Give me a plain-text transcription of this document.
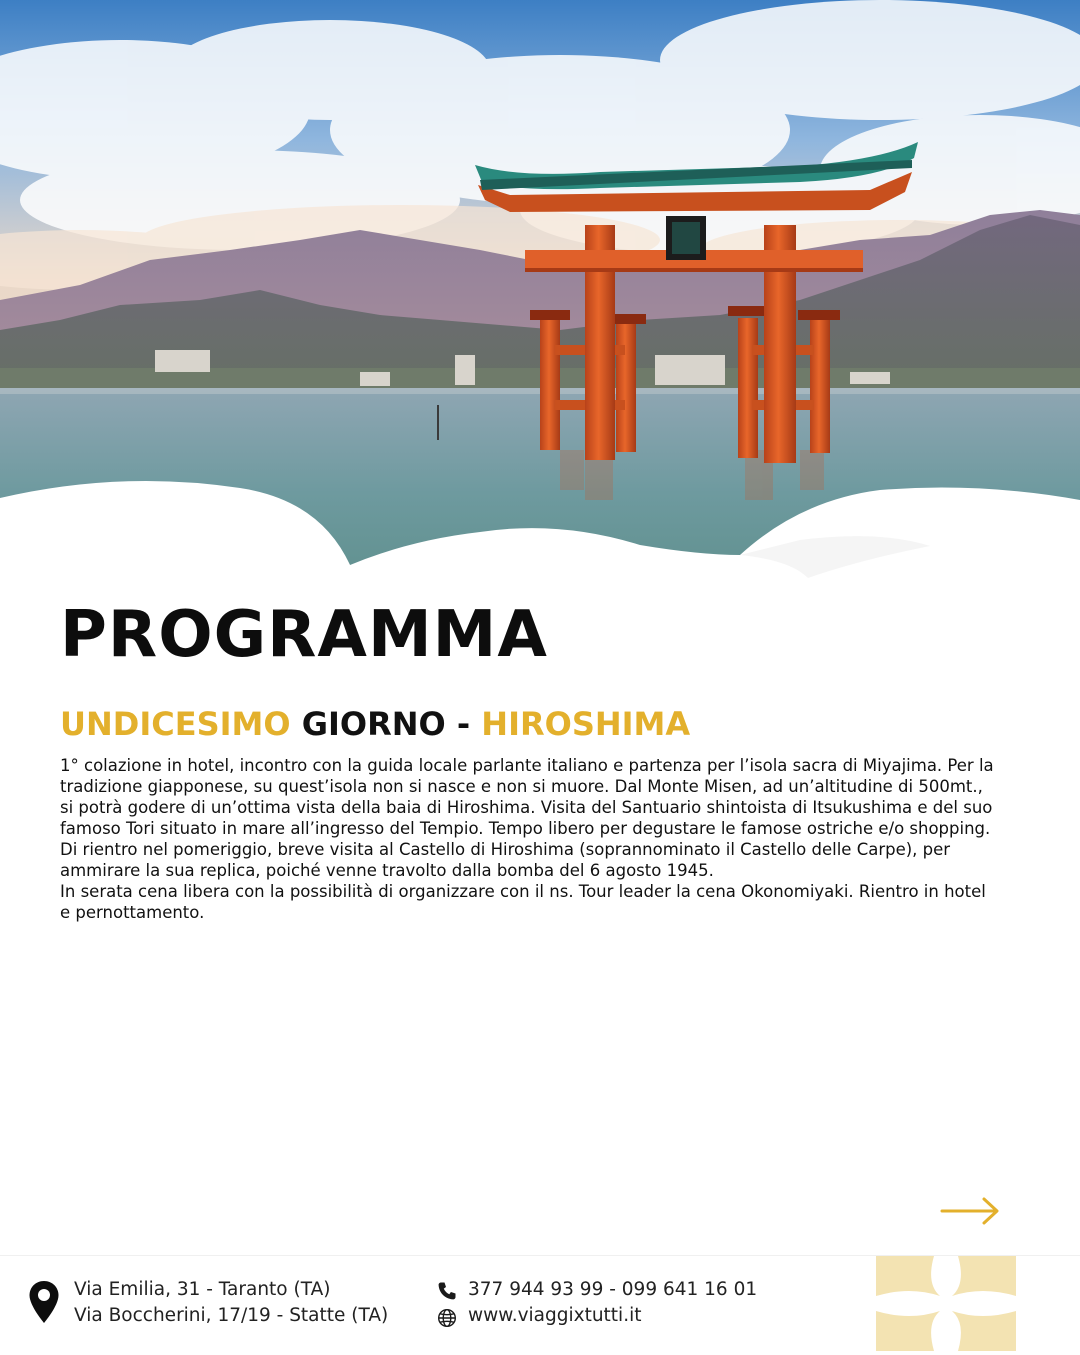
PROGRAMMA
UNDICESIMO GIORNO - HIROSHIMA

1° colazione in hotel, incontro con la guida locale parlante italiano e partenza per l’isola sacra di Miyajima. Per la tradizione giapponese, su quest’isola non si nasce e non si muore. Dal Monte Misen, ad un’altitudine di 500mt., si potrà godere di un’ottima vista della baia di Hiroshima. Visita del Santuario shintoista di Itsukushima e del suo famoso Tori situato in mare all’ingresso del Tempio. Tempo libero per degustare le famose ostriche e/o shopping.

Di rientro nel pomeriggio, breve visita al Castello di Hiroshima (soprannominato il Castello delle Carpe), per ammirare la sua replica, poiché venne travolto dalla bomba del 6 agosto 1945.

In serata cena libera con la possibilità di organizzare con il ns. Tour leader la cena Okonomiyaki. Rientro in hotel e pernottamento.

Via Emilia, 31 - Taranto (TA)
Via Boccherini, 17/19 - Statte (TA)
377 944 93 99 - 099 641 16 01
www.viaggixtutti.it
